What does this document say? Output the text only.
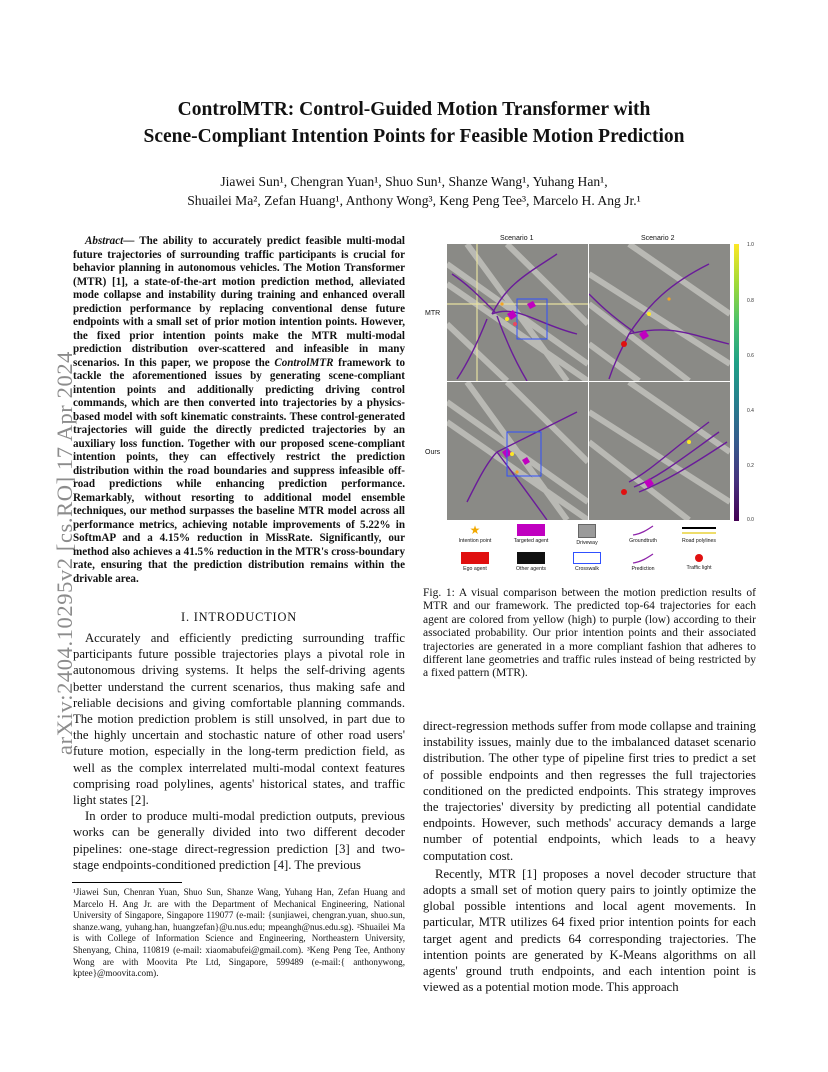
arXiv:2404.10295v2 [cs.RO] 17 Apr 2024
ControlMTR: Control-Guided Motion Transformer with
Scene-Compliant Intention Points for Feasible Motion Prediction
Jiawei Sun¹, Chengran Yuan¹, Shuo Sun¹, Shanze Wang¹, Yuhang Han¹,
Shuailei Ma², Zefan Huang¹, Anthony Wong³, Keng Peng Tee³, Marcelo H. Ang Jr.¹
Abstract— The ability to accurately predict feasible multi-modal future trajectories of surrounding traffic participants is crucial for behavior planning in autonomous vehicles. The Motion Transformer (MTR) [1], a state-of-the-art motion prediction method, alleviated mode collapse and instability during training and enhanced overall prediction performance by replacing conventional dense future endpoints with a small set of prior motion intention points. However, the fixed prior intention points make the MTR multi-modal prediction distribution over-scattered and infeasible in many scenarios. In this paper, we propose the ControlMTR framework to tackle the aforementioned issues by generating scene-compliant intention points and additionally predicting driving control commands, which are then converted into trajectories by a physics-based model with soft kinematic constraints. These control-generated trajectories will guide the directly predicted trajectories by an auxiliary loss function. Together with our proposed scene-compliant intention points, they can effectively restrict the prediction distribution within the road boundaries and suppress infeasible off-road predictions while enhancing prediction performance. Remarkably, without resorting to additional model ensemble techniques, our method surpasses the baseline MTR model across all performance metrics, achieving notable improvements of 5.22% in SoftmAP and a 4.15% reduction in MissRate. Significantly, our method also achieves a 41.5% reduction in the MTR's cross-boundary rate, ensuring that the prediction distribution remains within the drivable area.
I. INTRODUCTION

Accurately and efficiently predicting surrounding traffic participants future possible trajectories plays a pivotal role in autonomous driving systems. It helps the self-driving agents better understand the current scenarios, thus making safe and reliable decisions and giving comfortable planning commands. The motion prediction problem is still unsolved, in part due to the highly uncertain and stochastic nature of other road users' future motion, especially in the long-term prediction field, as well as the complex interrelated multi-modal context features comprising road polylines, agents' historical states, and traffic light states [2].

In order to produce multi-modal prediction outputs, previous works can be generally divided into two different decoder pipelines: one-stage direct-regression prediction [3] and two-stage endpoints-conditioned prediction [4]. The previous

¹Jiawei Sun, Chenran Yuan, Shuo Sun, Shanze Wang, Yuhang Han, Zefan Huang and Marcelo H. Ang Jr. are with the Department of Mechanical Engineering, National University of Singapore, Singapore 119077 (e-mail: {sunjiawei, chengran.yuan, shuo.sun, shanze.wang, yuhang.han, huangzefan}@u.nus.edu; mpeangh@nus.edu.sg). ²Shuailei Ma is with College of Information Science and Engineering, Northeastern University, Shenyang, China, 110819 (e-mail: xiaomabufei@gmail.com). ³Keng Peng Tee, Anthony Wong are with Moovita Pte Ltd, Singapore, 599489 (e-mail:{ anthonywong, kptee}@moovita.com).
Scenario 1	Scenario 2
MTR
Ours
1.0
0.8
0.6
0.4
0.2
0.0
★
Intention point	Targeted agent	Driveway	Groundtruth	Road polylines
Ego agent	Other agents	Crosswalk	Prediction	Traffic light
Fig. 1: A visual comparison between the motion prediction results of MTR and our framework. The predicted top-64 trajectories for each agent are colored from yellow (high) to purple (low) according to their associated probability. Our prior intention points and their associated trajectories are generated in a more compliant fashion that adheres to different lane geometries and traffic rules instead of being restricted by a fixed pattern (MTR).

direct-regression methods suffer from mode collapse and training instability issues, mainly due to the imbalanced dataset scenario distribution. The other type of pipeline first tries to predict a set of possible endpoints and then regresses the full trajectories conditioned on the predicted endpoints. This strategy improves the trajectories' diversity by predicting all potential candidate endpoints. However, such methods' accuracy demands a large number of potential endpoints, which leads to a heavy computation cost.

Recently, MTR [1] proposes a novel decoder structure that adopts a small set of motion query pairs to jointly optimize the global possible intentions and local agent movements. In particular, MTR utilizes 64 fixed prior intention points for each target agent and predicts 64 corresponding trajectories. The intention points are generated by K-Means algorithms on all agents' ground truth endpoints, and each intention point is viewed as a potential motion mode. This approach
